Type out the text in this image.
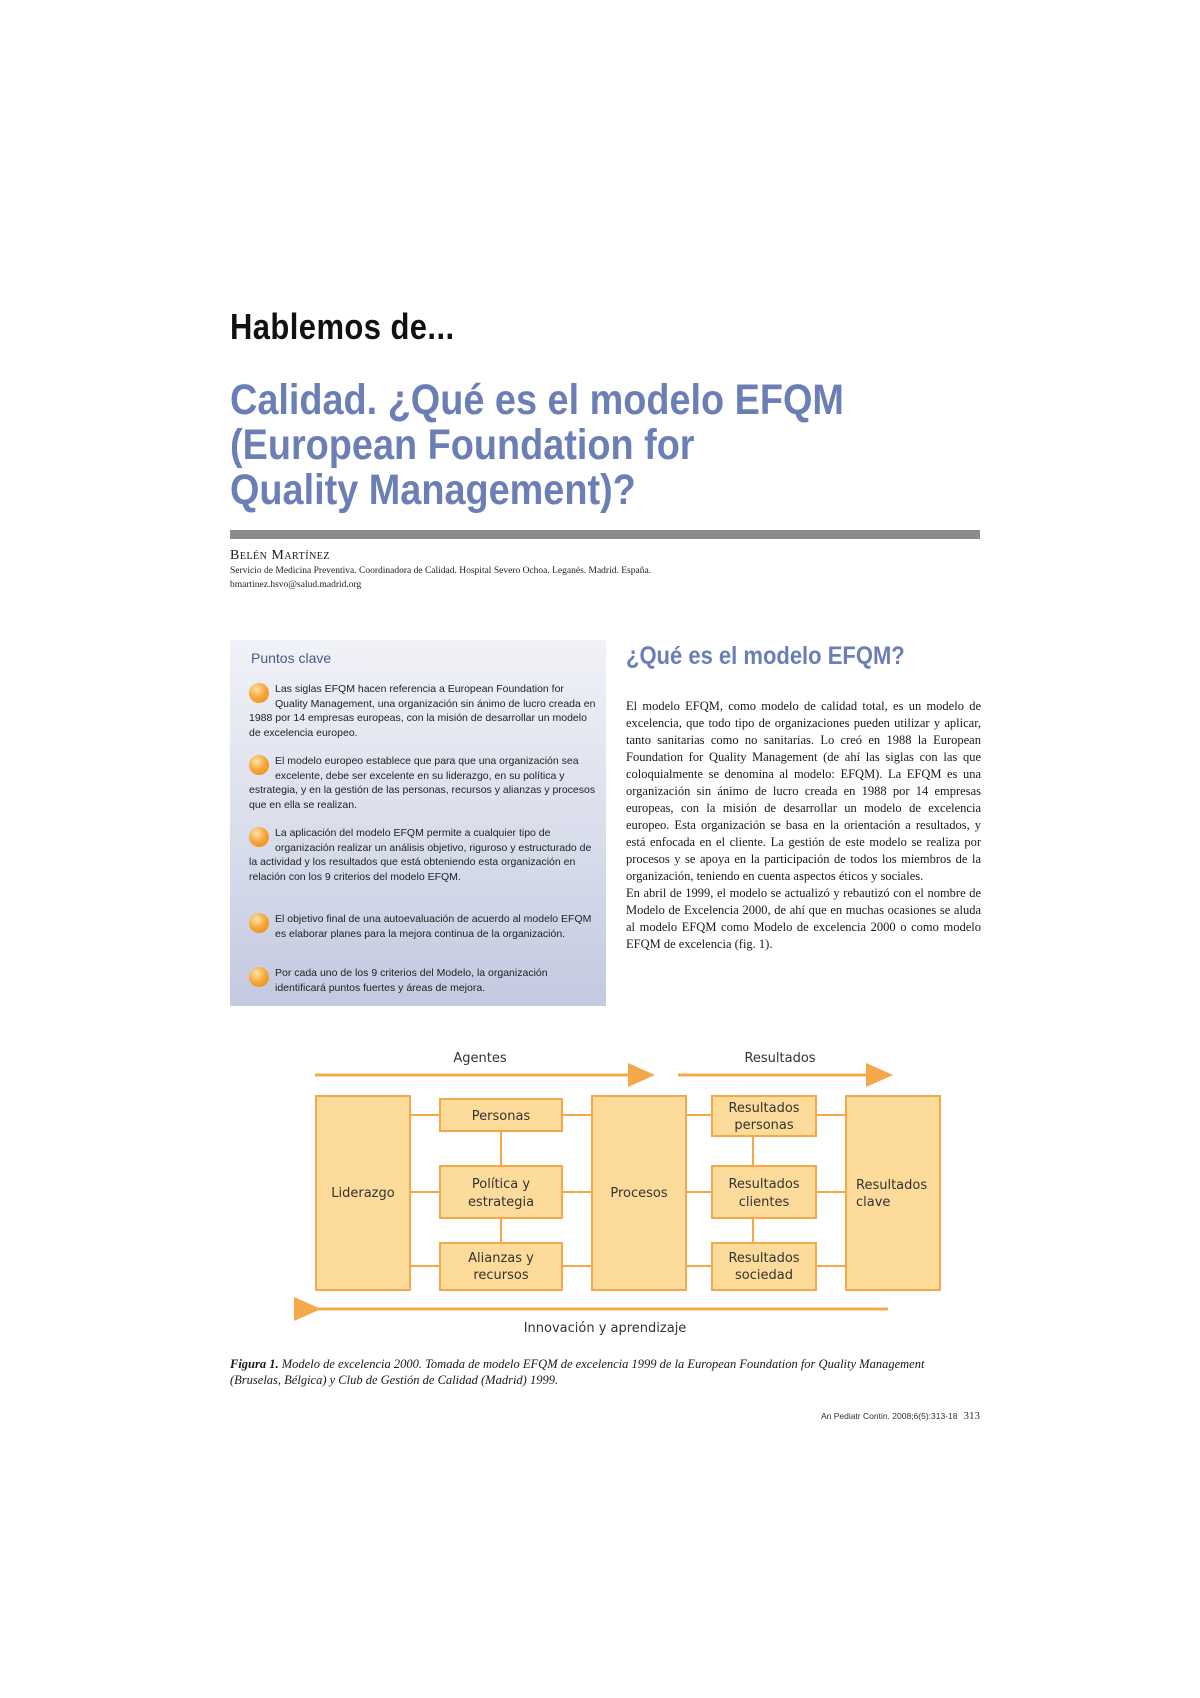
Hablemos de...
Calidad. ¿Qué es el modelo EFQM
(European Foundation for
Quality Management)?
Belén Martínez
Servicio de Medicina Preventiva. Coordinadora de Calidad. Hospital Severo Ochoa. Leganés. Madrid. España.
bmartinez.hsvo@salud.madrid.org
Puntos clave
Las siglas EFQM hacen referencia a European Foundation for Quality Management, una organización sin ánimo de lucro creada en 1988 por 14 empresas europeas, con la misión de desarrollar un modelo de excelencia europeo.
El modelo europeo establece que para que una organización sea excelente, debe ser excelente en su liderazgo, en su política y estrategia, y en la gestión de las personas, recursos y alianzas y procesos que en ella se realizan.
La aplicación del modelo EFQM permite a cualquier tipo de organización realizar un análisis objetivo, riguroso y estructurado de la actividad y los resultados que está obteniendo esta organización en relación con los 9 criterios del modelo EFQM.
El objetivo final de una autoevaluación de acuerdo al modelo EFQM es elaborar planes para la mejora continua de la organización.
Por cada uno de los 9 criterios del Modelo, la organización identificará puntos fuertes y áreas de mejora.
¿Qué es el modelo EFQM?

El modelo EFQM, como modelo de calidad total, es un modelo de excelencia, que todo tipo de organizaciones pueden utilizar y aplicar, tanto sanitarias como no sanitarias. Lo creó en 1988 la European Foundation for Quality Management (de ahí las siglas con las que coloquialmente se denomina al modelo: EFQM). La EFQM es una organización sin ánimo de lucro creada en 1988 por 14 empresas europeas, con la misión de desarrollar un modelo de excelencia europeo. Esta organización se basa en la orientación a resultados, y está enfocada en el cliente. La gestión de este modelo se realiza por procesos y se apoya en la participación de todos los miembros de la organización, teniendo en cuenta aspectos éticos y sociales.

En abril de 1999, el modelo se actualizó y rebautizó con el nombre de Modelo de Excelencia 2000, de ahí que en muchas ocasiones se aluda al modelo EFQM como Modelo de excelencia 2000 o como modelo EFQM de excelencia (fig. 1).

Agentes	Resultados
Liderazgo
Personas
Política y
estrategia
Alianzas y
recursos
Procesos
Resultados
personas
Resultados
clientes
Resultados
sociedad
Resultados
clave
Innovación y aprendizaje
Figura 1. Modelo de excelencia 2000. Tomada de modelo EFQM de excelencia 1999 de la European Foundation for Quality Management (Bruselas, Bélgica) y Club de Gestión de Calidad (Madrid) 1999.
An Pediatr Contin. 2008;6(5):313-18 313
